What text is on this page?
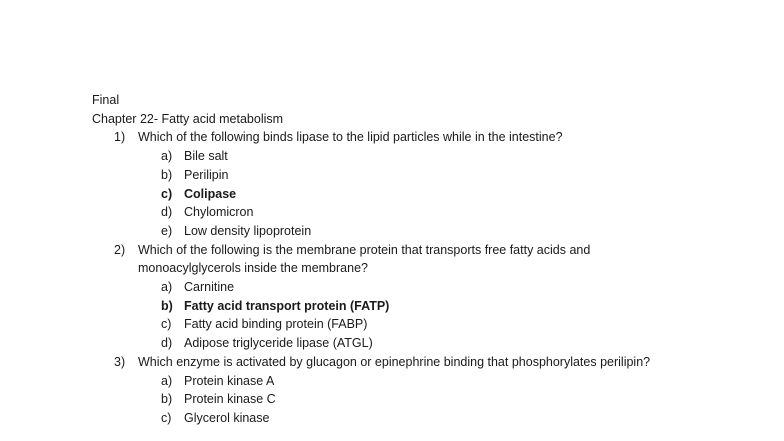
Final
Chapter 22- Fatty acid metabolism
1) Which of the following binds lipase to the lipid particles while in the intestine?
a) Bile salt
b) Perilipin
c) Colipase
d) Chylomicron
e) Low density lipoprotein
2) Which of the following is the membrane protein that transports free fatty acids and monoacylglycerols inside the membrane?
a) Carnitine
b) Fatty acid transport protein (FATP)
c) Fatty acid binding protein (FABP)
d) Adipose triglyceride lipase (ATGL)
3) Which enzyme is activated by glucagon or epinephrine binding that phosphorylates perilipin?
a) Protein kinase A
b) Protein kinase C
c) Glycerol kinase
